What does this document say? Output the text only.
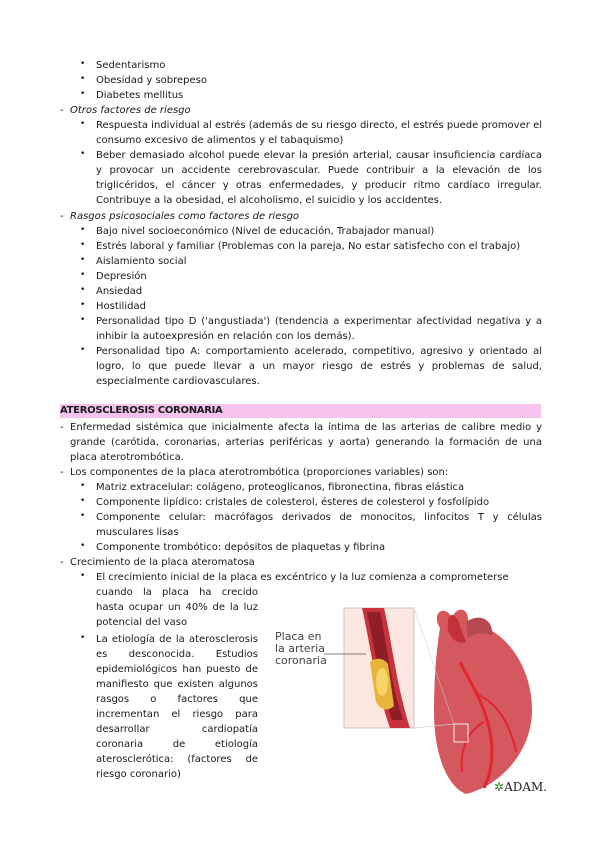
• Sedentarismo
• Obesidad y sobrepeso
• Diabetes mellitus
- Otros factores de riesgo
• Respuesta individual al estrés (además de su riesgo directo, el estrés puede promover el consumo excesivo de alimentos y el tabaquismo)
• Beber demasiado alcohol puede elevar la presión arterial, causar insuficiencia cardíaca y provocar un accidente cerebrovascular. Puede contribuir a la elevación de los triglicéridos, el cáncer y otras enfermedades, y producir ritmo cardíaco irregular. Contribuye a la obesidad, el alcoholismo, el suicidio y los accidentes.
- Rasgos psicosociales como factores de riesgo
• Bajo nivel socioeconómico (Nivel de educación, Trabajador manual)
• Estrés laboral y familiar (Problemas con la pareja, No estar satisfecho con el trabajo)
• Aislamiento social
• Depresión
• Ansiedad
• Hostilidad
• Personalidad tipo D ('angustiada') (tendencia a experimentar afectividad negativa y a inhibir la autoexpresión en relación con los demás).
• Personalidad tipo A: comportamiento acelerado, competitivo, agresivo y orientado al logro, lo que puede llevar a un mayor riesgo de estrés y problemas de salud, especialmente cardiovasculares.
ATEROSCLEROSIS CORONARIA
- Enfermedad sistémica que inicialmente afecta la íntima de las arterias de calibre medio y grande (carótida, coronarias, arterias periféricas y aorta) generando la formación de una placa aterotrombótica.
- Los componentes de la placa aterotrombótica (proporciones variables) son:
• Matriz extracelular: colágeno, proteoglicanos, fibronectina, fibras elástica
• Componente lipídico: cristales de colesterol, ésteres de colesterol y fosfolípido
• Componente celular: macrófagos derivados de monocitos, linfocitos T y células musculares lisas
• Componente trombótico: depósitos de plaquetas y fibrina
- Crecimiento de la placa ateromatosa
• El crecimiento inicial de la placa es excéntrico y la luz comienza a comprometerse
cuando la placa ha crecido hasta ocupar un 40% de la luz potencial del vaso
• La etiología de la aterosclerosis es desconocida. Estudios epidemiológicos han puesto de manifiesto que existen algunos rasgos o factores que incrementan el riesgo para desarrollar cardiopatía coronaria de etiología aterosclerótica: (factores de riesgo coronario)
Placa en
la arteria
coronaria
✲ADAM.
